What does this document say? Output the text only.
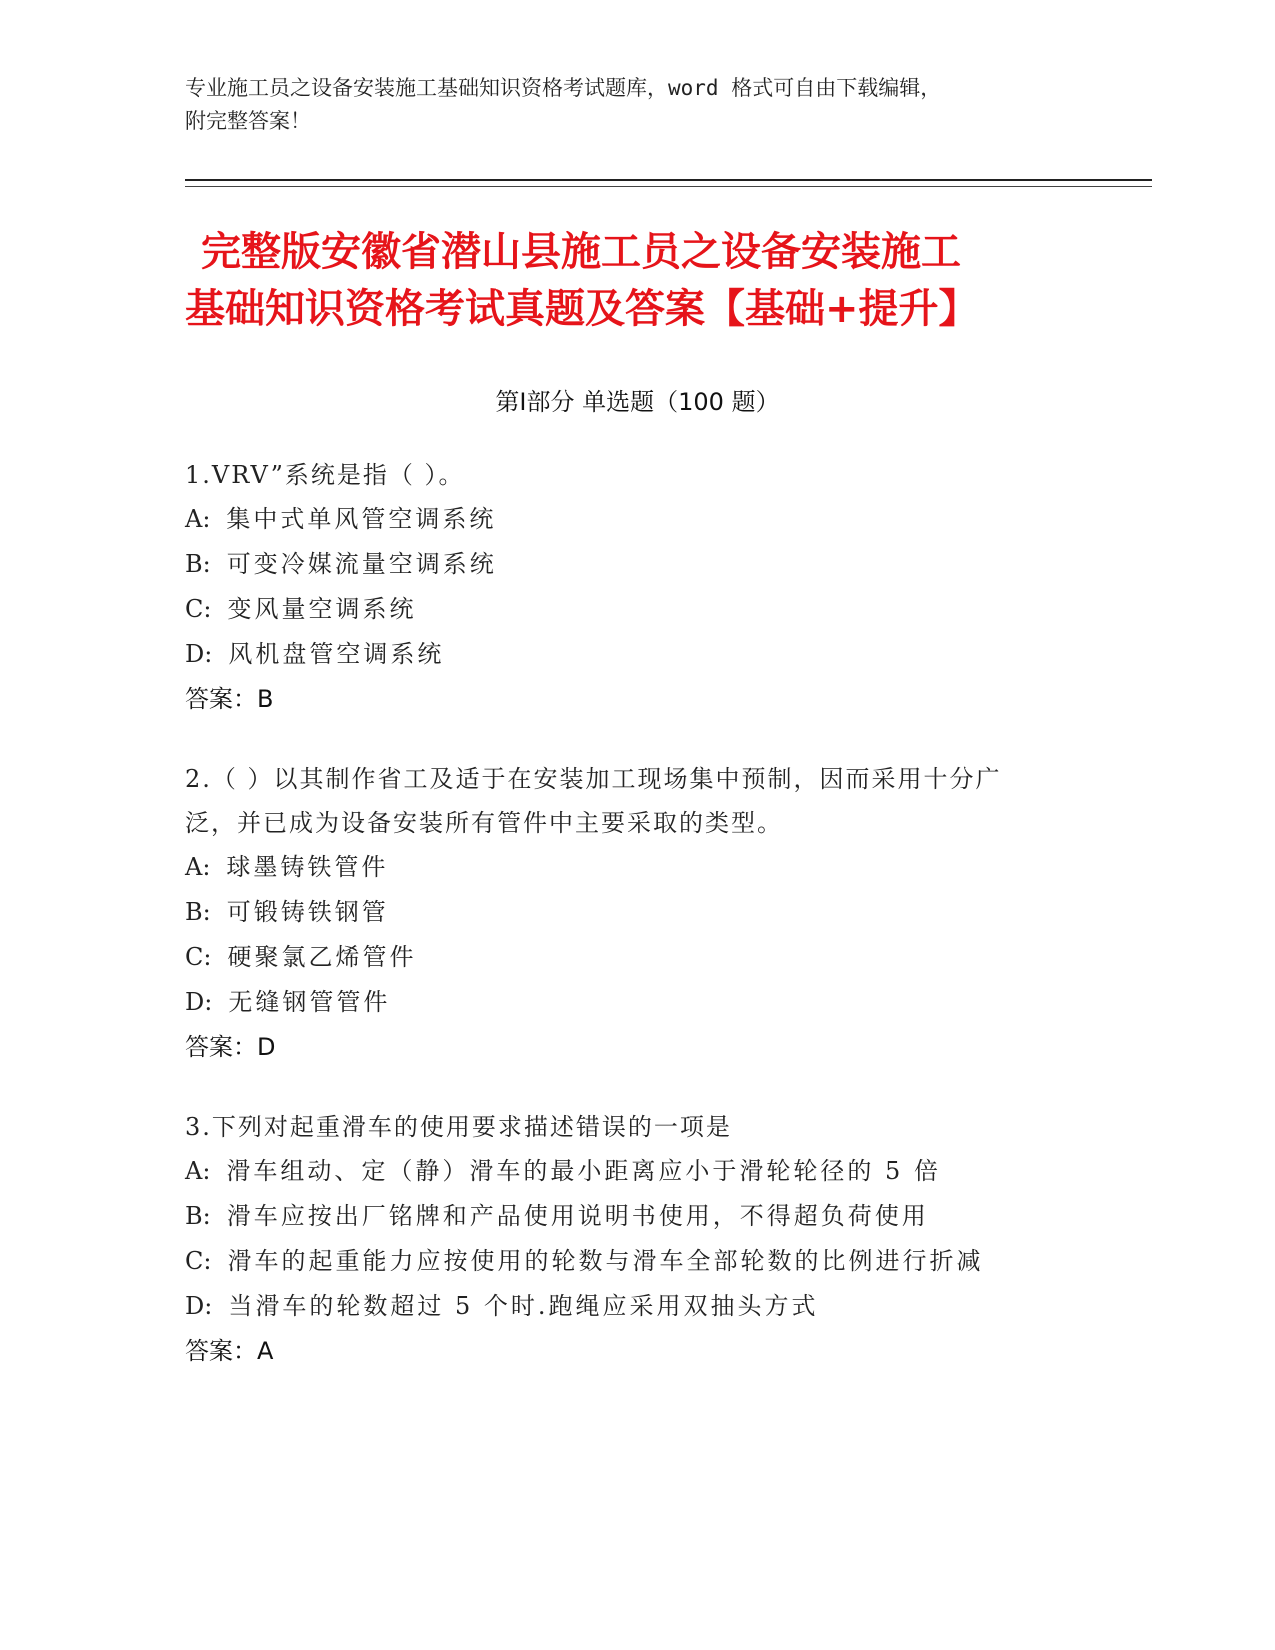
专业施工员之设备安装施工基础知识资格考试题库，word 格式可自由下载编辑，
附完整答案！
完整版安徽省潜山县施工员之设备安装施工
基础知识资格考试真题及答案【基础+提升】
第Ⅰ部分 单选题（100 题）
1.VRV”系统是指（ ）。
A: 集中式单风管空调系统
B: 可变冷媒流量空调系统
C: 变风量空调系统
D: 风机盘管空调系统
答案：B
2.（ ）以其制作省工及适于在安装加工现场集中预制，因而采用十分广泛，并已成为设备安装所有管件中主要采取的类型。
A: 球墨铸铁管件
B: 可锻铸铁钢管
C: 硬聚氯乙烯管件
D: 无缝钢管管件
答案：D
3.下列对起重滑车的使用要求描述错误的一项是
A: 滑车组动、定（静）滑车的最小距离应小于滑轮轮径的 5 倍
B: 滑车应按出厂铭牌和产品使用说明书使用，不得超负荷使用
C: 滑车的起重能力应按使用的轮数与滑车全部轮数的比例进行折减
D: 当滑车的轮数超过 5 个时.跑绳应采用双抽头方式
答案：A
